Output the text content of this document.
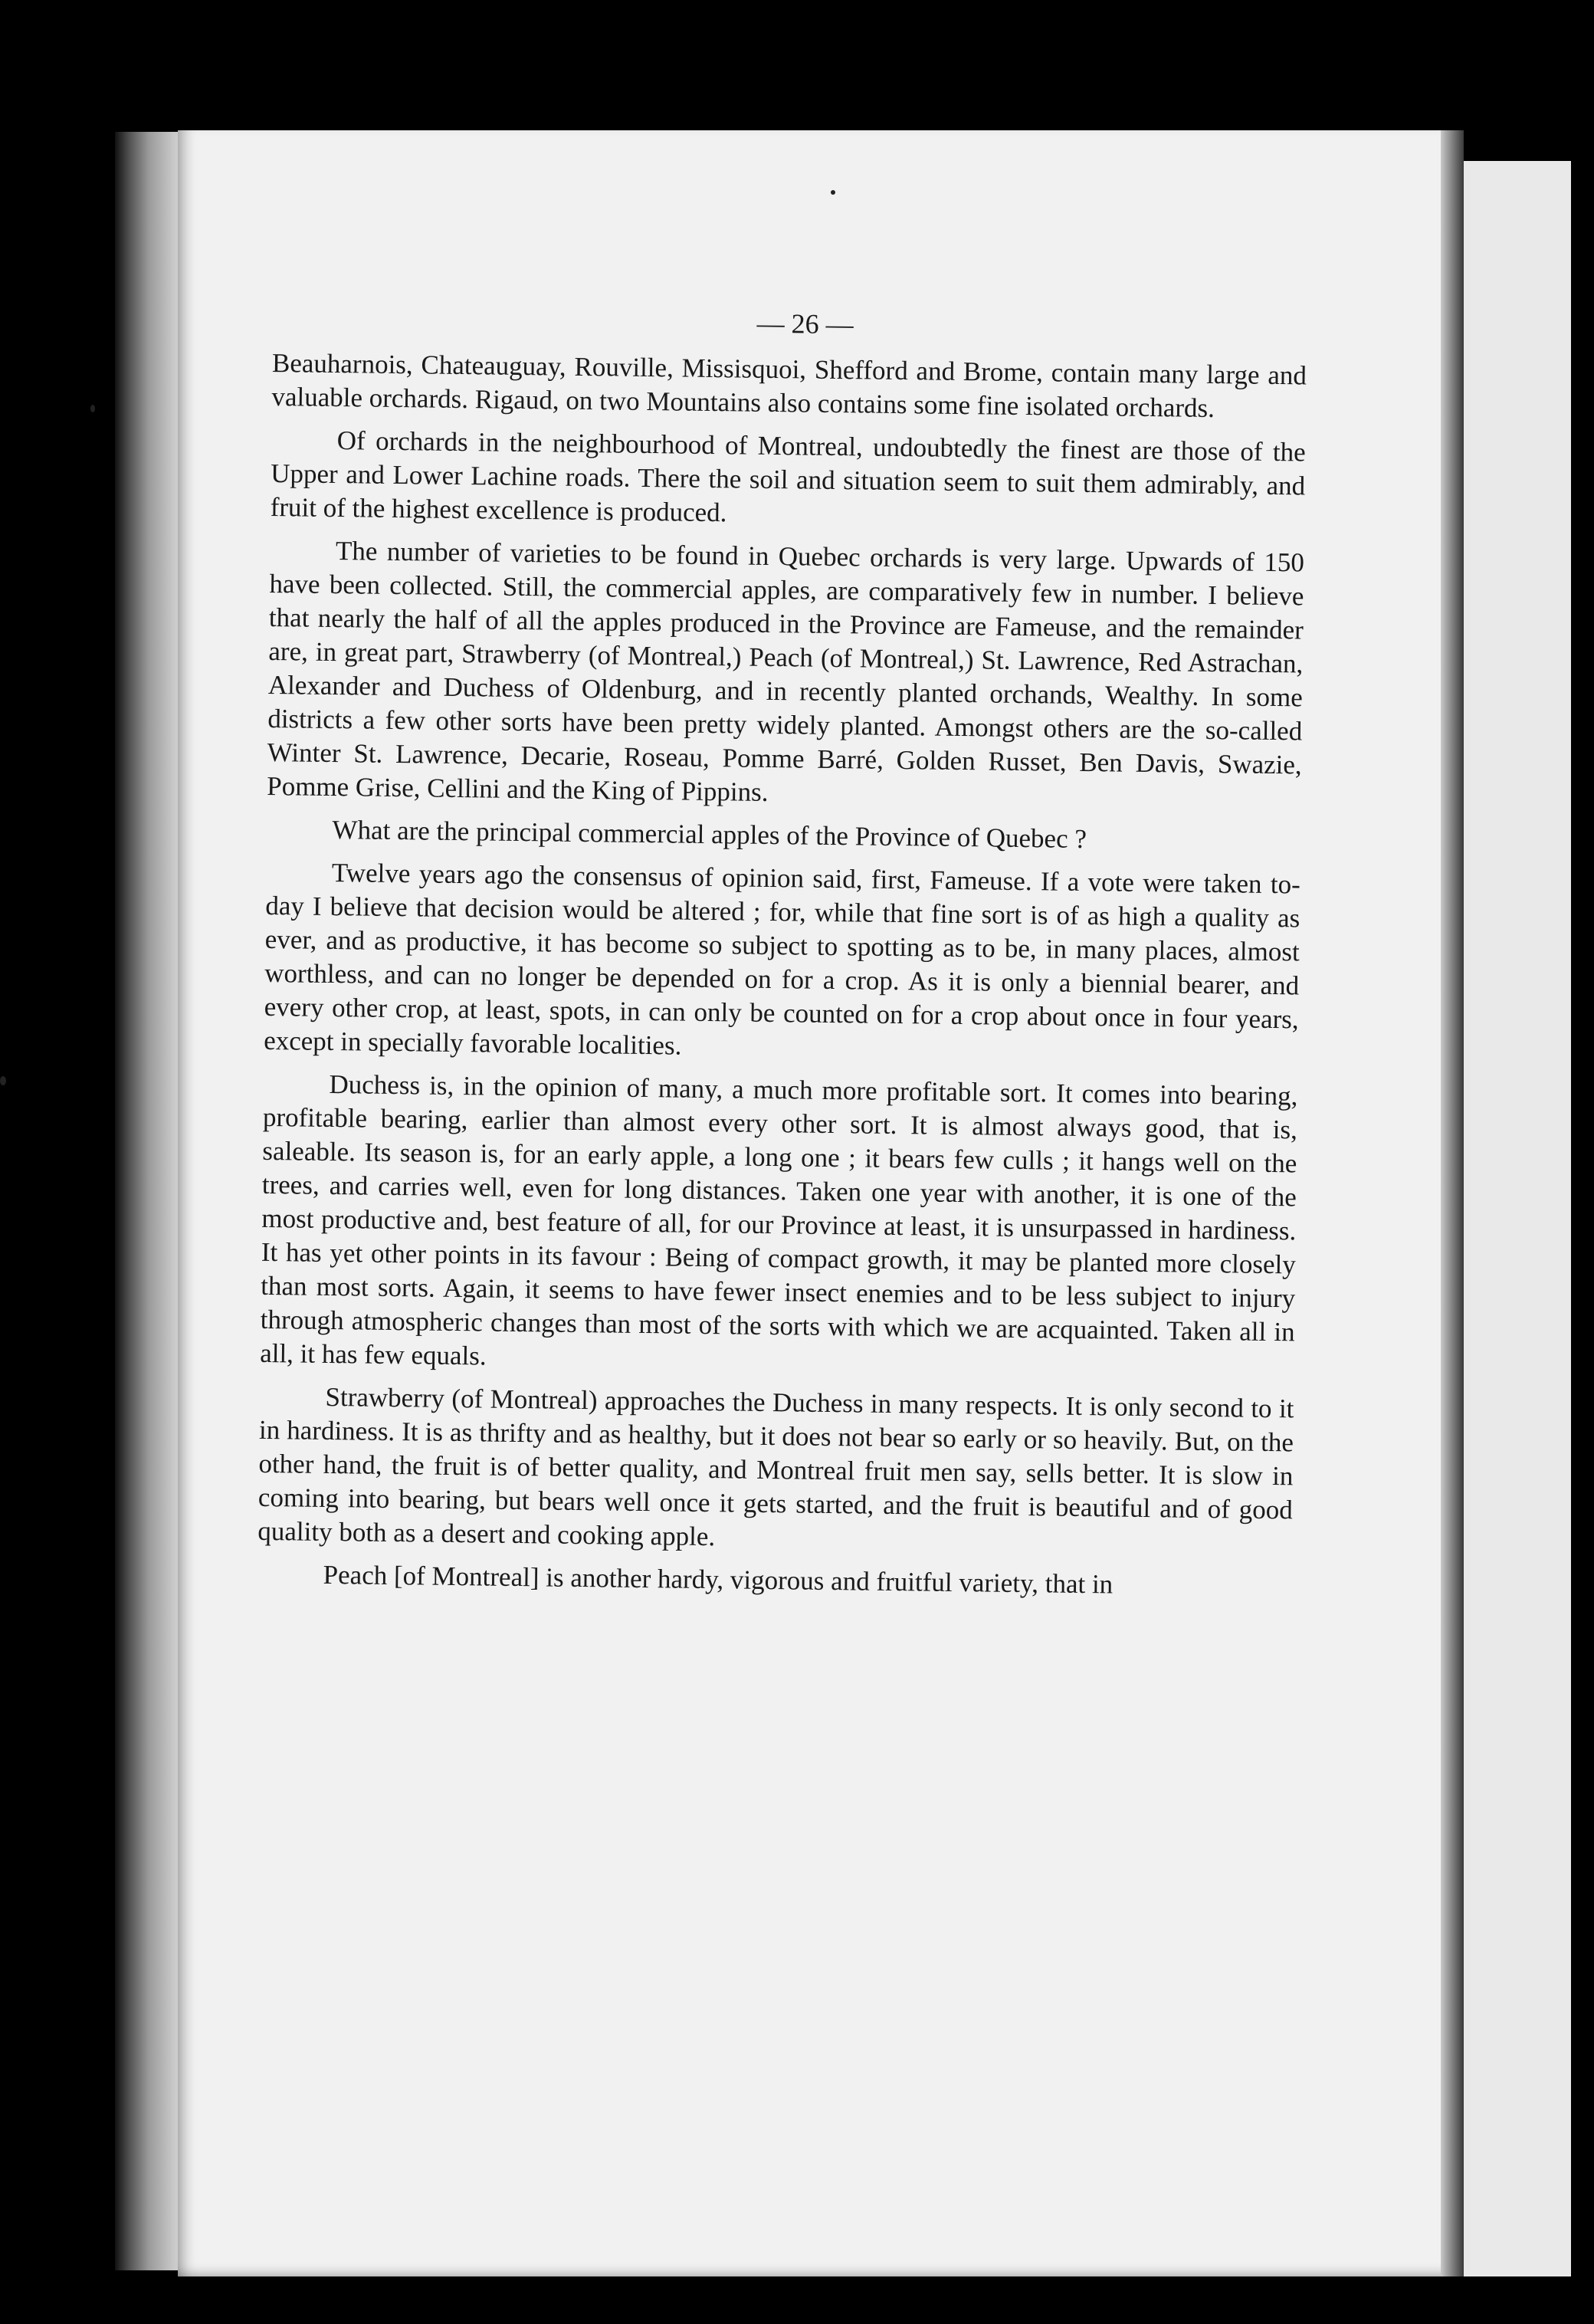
— 26 —

Beauharnois, Chateauguay, Rouville, Missisquoi, Shefford and Brome, contain many large and valuable orchards. Rigaud, on two Mountains also contains some fine isolated orchards.

Of orchards in the neighbourhood of Montreal, undoubtedly the finest are those of the Upper and Lower Lachine roads. There the soil and situation seem to suit them admirably, and fruit of the highest excellence is produced.

The number of varieties to be found in Quebec orchards is very large. Upwards of 150 have been collected. Still, the commercial apples, are comparatively few in number. I believe that nearly the half of all the apples produced in the Province are Fameuse, and the remainder are, in great part, Strawberry (of Montreal,) Peach (of Montreal,) St. Lawrence, Red Astrachan, Alexander and Duchess of Oldenburg, and in recently planted orchands, Wealthy. In some districts a few other sorts have been pretty widely planted. Amongst others are the so-called Winter St. Lawrence, Decarie, Roseau, Pomme Barré, Golden Russet, Ben Davis, Swazie, Pomme Grise, Cellini and the King of Pippins.

What are the principal commercial apples of the Province of Quebec ?

Twelve years ago the consensus of opinion said, first, Fameuse. If a vote were taken to-day I believe that decision would be altered ; for, while that fine sort is of as high a quality as ever, and as productive, it has become so subject to spotting as to be, in many places, almost worthless, and can no longer be depended on for a crop. As it is only a biennial bearer, and every other crop, at least, spots, in can only be counted on for a crop about once in four years, except in specially favorable localities.

Duchess is, in the opinion of many, a much more profitable sort. It comes into bearing, profitable bearing, earlier than almost every other sort. It is almost always good, that is, saleable. Its season is, for an early apple, a long one ; it bears few culls ; it hangs well on the trees, and carries well, even for long distances. Taken one year with another, it is one of the most productive and, best feature of all, for our Province at least, it is unsurpassed in hardiness. It has yet other points in its favour : Being of compact growth, it may be planted more closely than most sorts. Again, it seems to have fewer insect enemies and to be less subject to injury through atmospheric changes than most of the sorts with which we are acquainted. Taken all in all, it has few equals.

Strawberry (of Montreal) approaches the Duchess in many respects. It is only second to it in hardiness. It is as thrifty and as healthy, but it does not bear so early or so heavily. But, on the other hand, the fruit is of better quality, and Montreal fruit men say, sells better. It is slow in coming into bearing, but bears well once it gets started, and the fruit is beautiful and of good quality both as a desert and cooking apple.

Peach [of Montreal] is another hardy, vigorous and fruitful variety, that in
